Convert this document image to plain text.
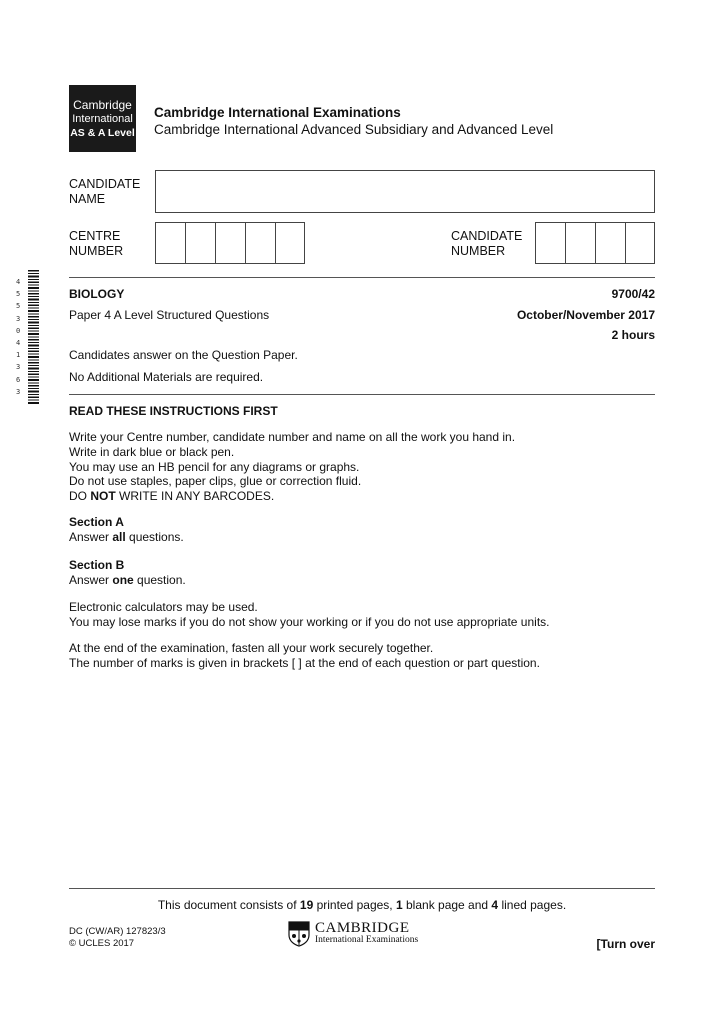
Cambridge
International
AS & A Level
Cambridge International Examinations
Cambridge International Advanced Subsidiary and Advanced Level
CANDIDATE
NAME
CENTRE
NUMBER
CANDIDATE
NUMBER
4553041363
BIOLOGY	9700/42
Paper 4 A Level Structured Questions	October/November 2017
2 hours
Candidates answer on the Question Paper.
No Additional Materials are required.
READ THESE INSTRUCTIONS FIRST
Write your Centre number, candidate number and name on all the work you hand in.
Write in dark blue or black pen.
You may use an HB pencil for any diagrams or graphs.
Do not use staples, paper clips, glue or correction fluid.
DO NOT WRITE IN ANY BARCODES.
Section A
Answer all questions.
Section B
Answer one question.
Electronic calculators may be used.
You may lose marks if you do not show your working or if you do not use appropriate units.
At the end of the examination, fasten all your work securely together.
The number of marks is given in brackets [ ] at the end of each question or part question.
This document consists of 19 printed pages, 1 blank page and 4 lined pages.
DC (CW/AR) 127823/3
© UCLES 2017
CAMBRIDGE
International Examinations	[Turn over
